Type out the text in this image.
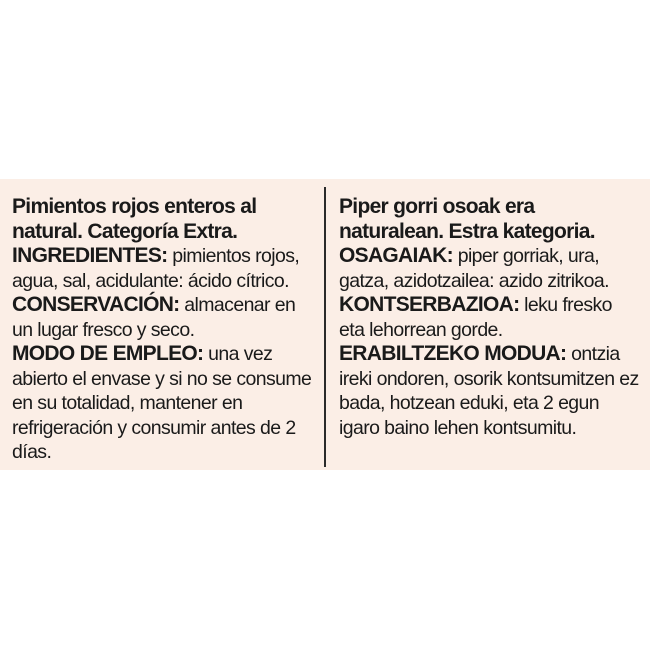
Pimientos rojos enteros al natural. Categoría Extra.

INGREDIENTES: pimientos rojos, agua, sal, acidulante: ácido cítrico.

CONSERVACIÓN: almacenar en un lugar fresco y seco.

MODO DE EMPLEO: una vez abierto el envase y si no se consume en su totalidad, mantener en refrigeración y consumir antes de 2 días.

Piper gorri osoak era naturalean. Estra kategoria.

OSAGAIAK: piper gorriak, ura, gatza, azidotzailea: azido zitrikoa.

KONTSERBAZIOA: leku fresko eta lehorrean gorde.

ERABILTZEKO MODUA: ontzia ireki ondoren, osorik kontsumitzen ez bada, hotzean eduki, eta 2 egun igaro baino lehen kontsumitu.
